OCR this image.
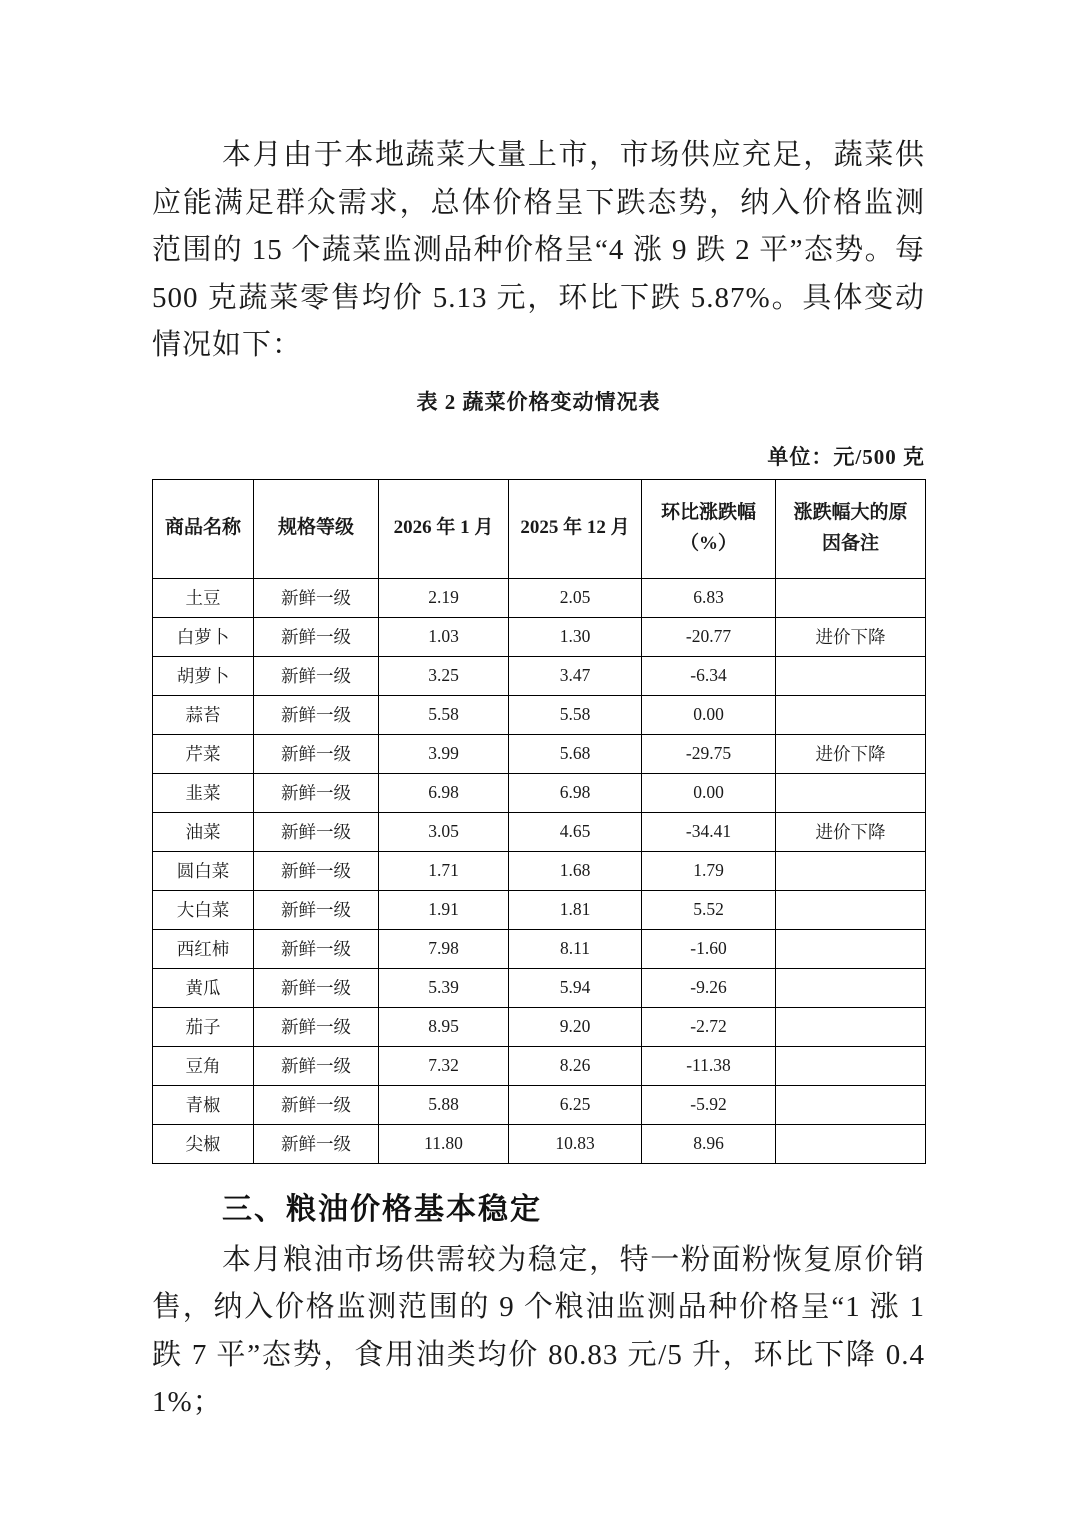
本月由于本地蔬菜大量上市，市场供应充足，蔬菜供应能满足群众需求，总体价格呈下跌态势，纳入价格监测范围的 15 个蔬菜监测品种价格呈“4 涨 9 跌 2 平”态势。每 500 克蔬菜零售均价 5.13 元，环比下跌 5.87%。具体变动情况如下：

表 2 蔬菜价格变动情况表

单位：元/500 克

商品名称	规格等级	2026 年 1 月	2025 年 12 月	环比涨跌幅（%）	涨跌幅大的原因备注
土豆	新鲜一级	2.19	2.05	6.83	
白萝卜	新鲜一级	1.03	1.30	-20.77	进价下降
胡萝卜	新鲜一级	3.25	3.47	-6.34	
蒜苔	新鲜一级	5.58	5.58	0.00	
芹菜	新鲜一级	3.99	5.68	-29.75	进价下降
韭菜	新鲜一级	6.98	6.98	0.00	
油菜	新鲜一级	3.05	4.65	-34.41	进价下降
圆白菜	新鲜一级	1.71	1.68	1.79	
大白菜	新鲜一级	1.91	1.81	5.52	
西红柿	新鲜一级	7.98	8.11	-1.60	
黄瓜	新鲜一级	5.39	5.94	-9.26	
茄子	新鲜一级	8.95	9.20	-2.72	
豆角	新鲜一级	7.32	8.26	-11.38	
青椒	新鲜一级	5.88	6.25	-5.92	
尖椒	新鲜一级	11.80	10.83	8.96	
三、粮油价格基本稳定

本月粮油市场供需较为稳定，特一粉面粉恢复原价销售，纳入价格监测范围的 9 个粮油监测品种价格呈“1 涨 1 跌 7 平”态势，食用油类均价 80.83 元/5 升，环比下降 0.41%；
